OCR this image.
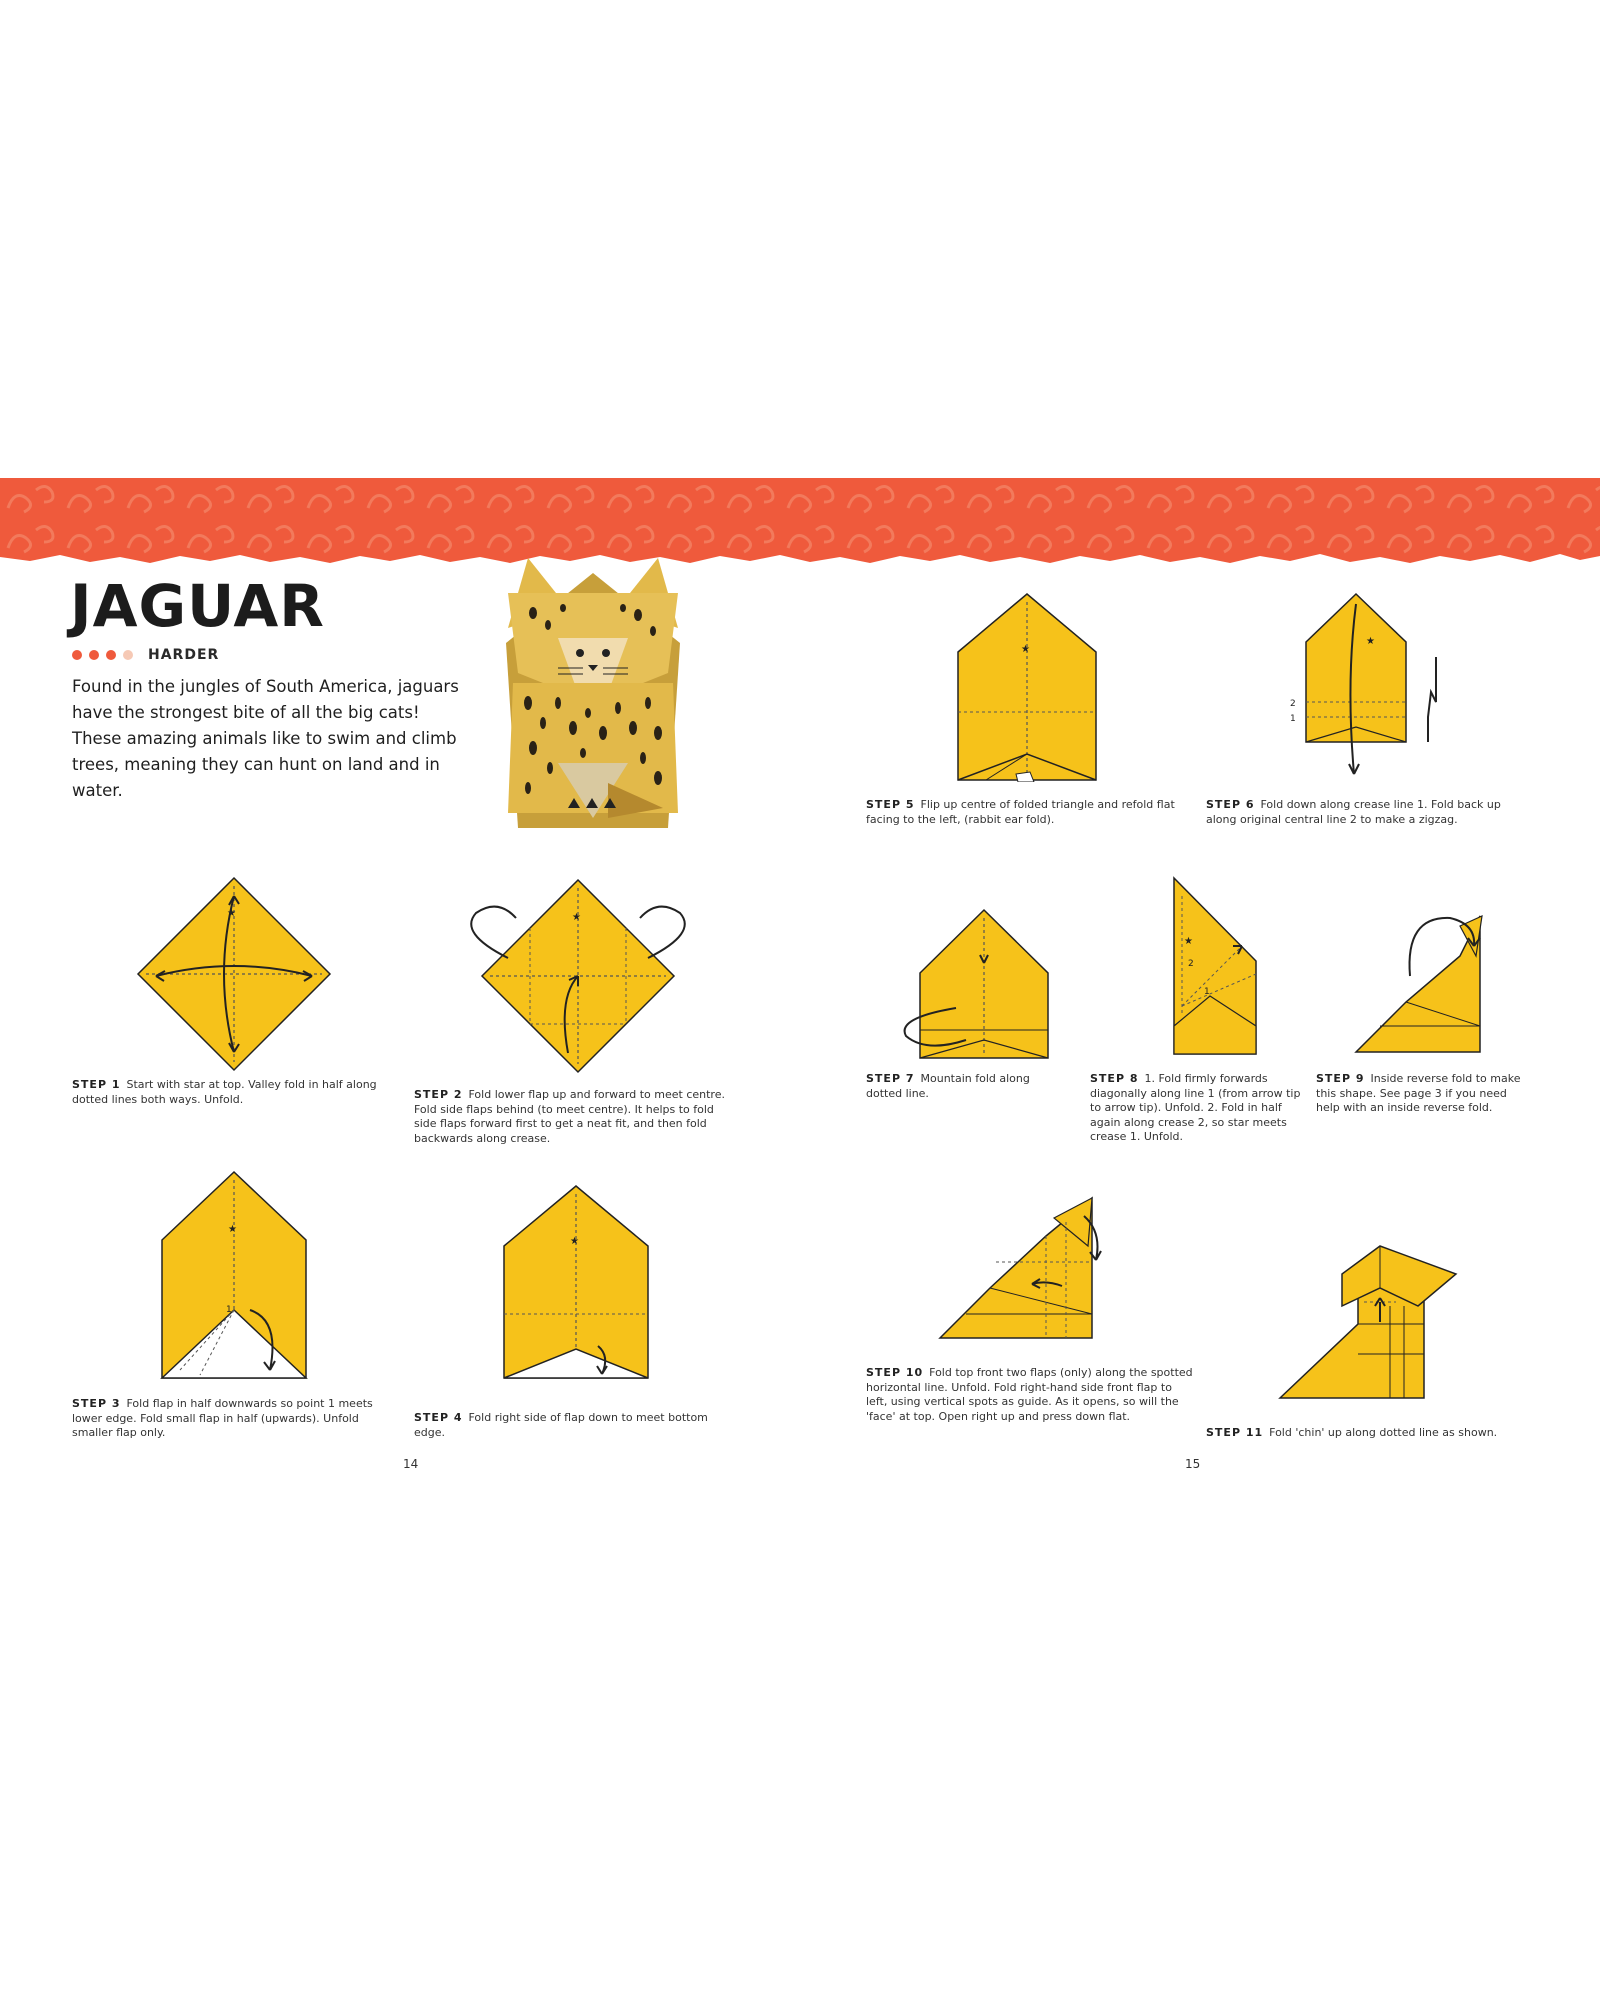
JAGUAR
HARDER

Found in the jungles of South America, jaguars have the strongest bite of all the big cats! These amazing animals like to swim and climb trees, meaning they can hunt on land and in water.

★
STEP 1 Start with star at top. Valley fold in half along dotted lines both ways. Unfold.
★
STEP 2 Fold lower flap up and forward to meet centre. Fold side flaps behind (to meet centre). It helps to fold side flaps forward first to get a neat fit, and then fold backwards along crease.
★
1
STEP 3 Fold flap in half downwards so point 1 meets lower edge. Fold small flap in half (upwards). Unfold smaller flap only.
★
STEP 4 Fold right side of flap down to meet bottom edge.
★
STEP 5 Flip up centre of folded triangle and refold flat facing to the left, (rabbit ear fold).
★
2
1
STEP 6 Fold down along crease line 1. Fold back up along original central line 2 to make a zigzag.
STEP 7 Mountain fold along dotted line.
★
2
1
STEP 8 1. Fold firmly forwards diagonally along line 1 (from arrow tip to arrow tip). Unfold. 2. Fold in half again along crease 2, so star meets crease 1. Unfold.
STEP 9 Inside reverse fold to make this shape. See page 3 if you need help with an inside reverse fold.
STEP 10 Fold top front two flaps (only) along the spotted horizontal line. Unfold. Fold right-hand side front flap to left, using vertical spots as guide. As it opens, so will the 'face' at top. Open right up and press down flat.
STEP 11 Fold 'chin' up along dotted line as shown.
14	15
